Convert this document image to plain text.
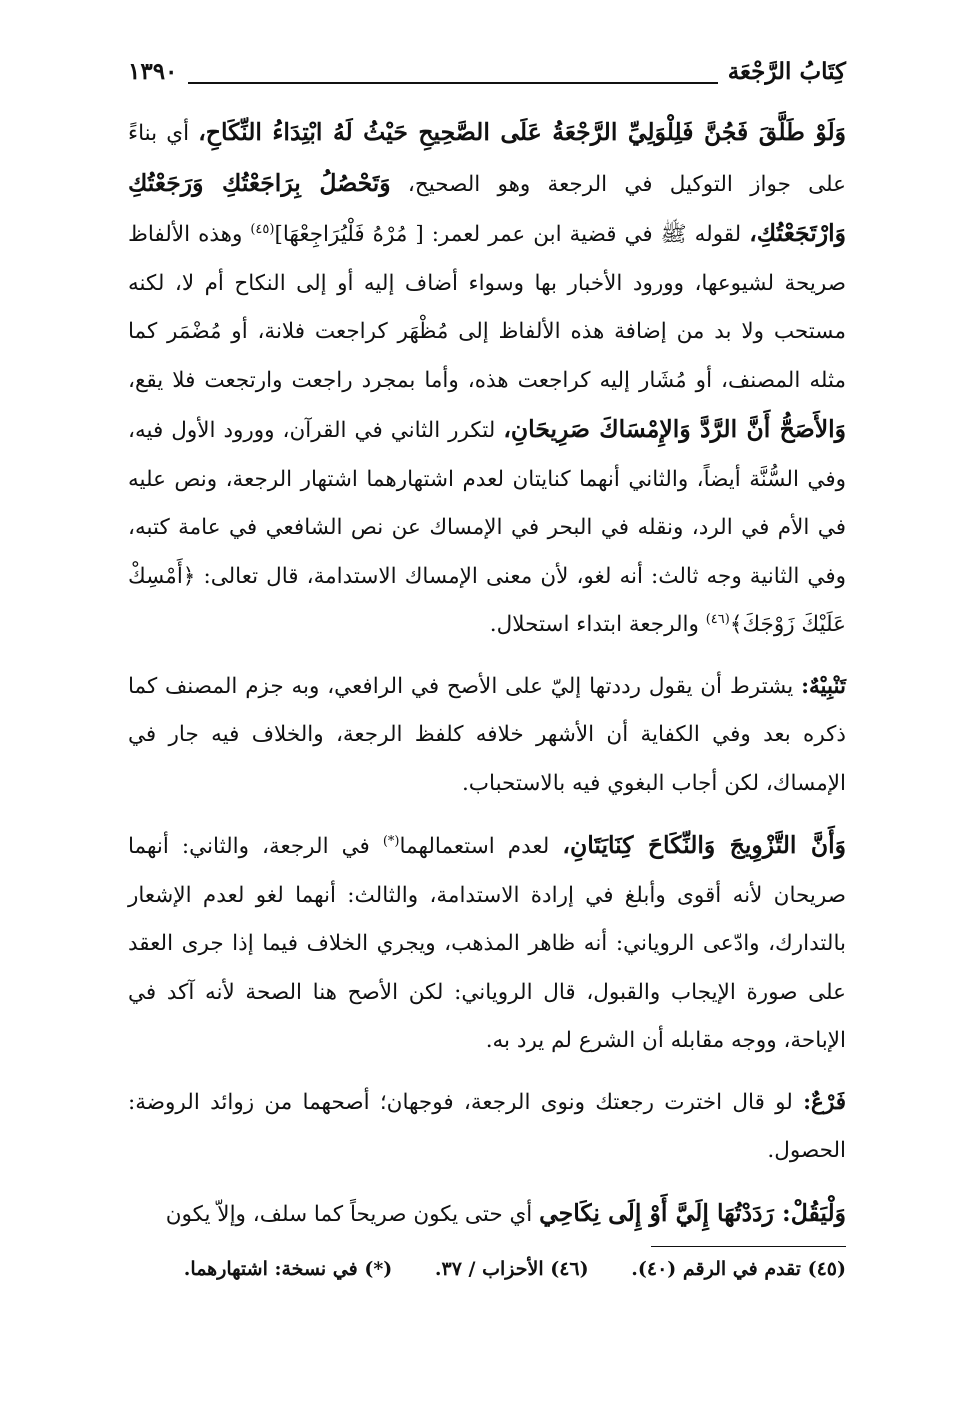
كِتَابُ الرَّجْعَة
١٣٩٠

وَلَوْ طَلَّقَ فَجُنَّ فَلِلْوَلِيِّ الرَّجْعَةُ عَلَى الصَّحِيحِ حَيْثُ لَهُ ابْتِدَاءُ النِّكَاحِ، أي بناءً على جواز التوكيل في الرجعة وهو الصحيح، وَتَحْصُلُ بِرَاجَعْتُكِ وَرَجَعْتُكِ وَارْتَجَعْتُكِ، لقوله ﷺ في قضية ابن عمر لعمر: [ مُرْهُ فَلْيُرَاجِعْهَا]$^{(٤٥)}$ وهذه الألفاظ صريحة لشيوعها، وورود الأخبار بها وسواء أضاف إليه أو إلى النكاح أم لا، لكنه مستحب ولا بد من إضافة هذه الألفاظ إلى مُظْهَر كراجعت فلانة، أو مُضْمَر كما مثله المصنف، أو مُشَار إليه كراجعت هذه، وأما بمجرد راجعت وارتجعت فلا يقع، وَالأَصَحُّ أَنَّ الرَّدَّ وَالإِمْسَاكَ صَرِيحَانِ، لتكرر الثاني في القرآن، وورود الأول فيه، وفي السُّنَّة أيضاً، والثاني أنهما كنايتان لعدم اشتهارهما اشتهار الرجعة، ونص عليه في الأم في الرد، ونقله في البحر في الإمساك عن نص الشافعي في عامة كتبه، وفي الثانية وجه ثالث: أنه لغو، لأن معنى الإمساك الاستدامة، قال تعالى: ﴿أَمْسِكْ عَلَيْكَ زَوْجَكَ﴾$^{(٤٦)}$ والرجعة ابتداء استحلال.

تَنْبِيْهٌ: يشترط أن يقول رددتها إليّ على الأصح في الرافعي، وبه جزم المصنف كما ذكره بعد وفي الكفاية أن الأشهر خلافه كلفظ الرجعة، والخلاف فيه جار في الإمساك، لكن أجاب البغوي فيه بالاستحباب.

وَأَنَّ التَّزْوِيجَ وَالنِّكَاحَ كِنَايَتَانِ، لعدم استعمالهما(*) في الرجعة، والثاني: أنهما صريحان لأنه أقوى وأبلغ في إرادة الاستدامة، والثالث: أنهما لغو لعدم الإشعار بالتدارك، وادّعى الروياني: أنه ظاهر المذهب، ويجري الخلاف فيما إذا جرى العقد على صورة الإيجاب والقبول، قال الروياني: لكن الأصح هنا الصحة لأنه آكد في الإباحة، ووجه مقابله أن الشرع لم يرد به.

فَرْعٌ: لو قال اخترت رجعتك ونوى الرجعة، فوجهان؛ أصحهما من زوائد الروضة: الحصول.

وَلْيَقُلْ: رَدَدْتُهَا إِلَيَّ أَوْ إِلَى نِكَاحِي أي حتى يكون صريحاً كما سلف، وإلاّ يكون

(٤٥) تقدم في الرقم (٤٠). (٤٦) الأحزاب / ٣٧. (*) في نسخة: اشتهارهما.
